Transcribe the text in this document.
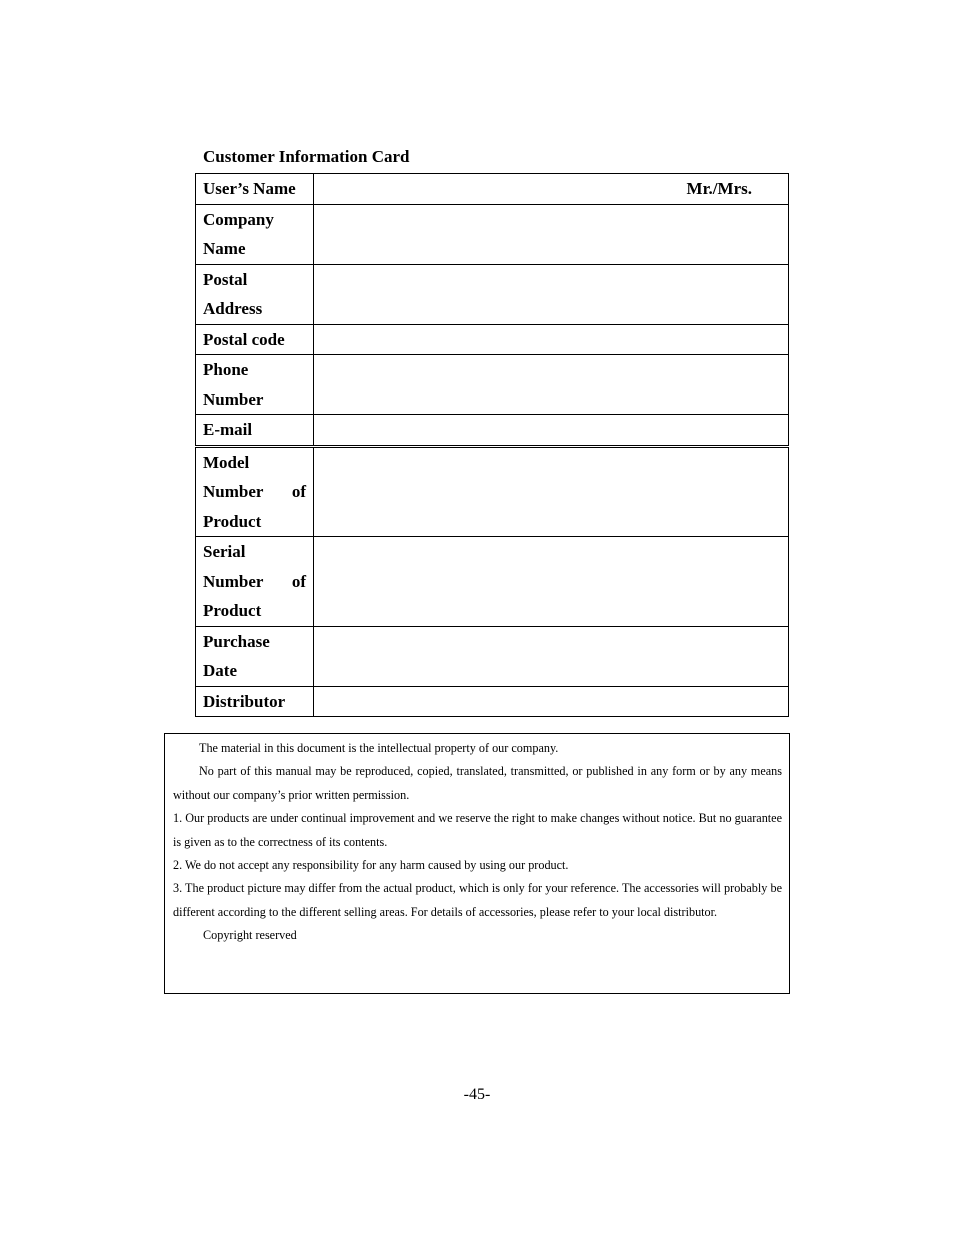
Customer Information Card
User’s Name	Mr./Mrs.

Company Name	
Postal Address	
Postal code	
Phone Number	
E-mail	
Model Number of Product	
Serial Number of Product	
Purchase Date	
Distributor	

The material in this document is the intellectual property of our company.

No part of this manual may be reproduced, copied, translated, transmitted, or published in any form or by any means without our company’s prior written permission.

1. Our products are under continual improvement and we reserve the right to make changes without notice. But no guarantee is given as to the correctness of its contents.

2. We do not accept any responsibility for any harm caused by using our product.

3. The product picture may differ from the actual product, which is only for your reference. The accessories will probably be different according to the different selling areas. For details of accessories, please refer to your local distributor.

Copyright reserved

-45-
